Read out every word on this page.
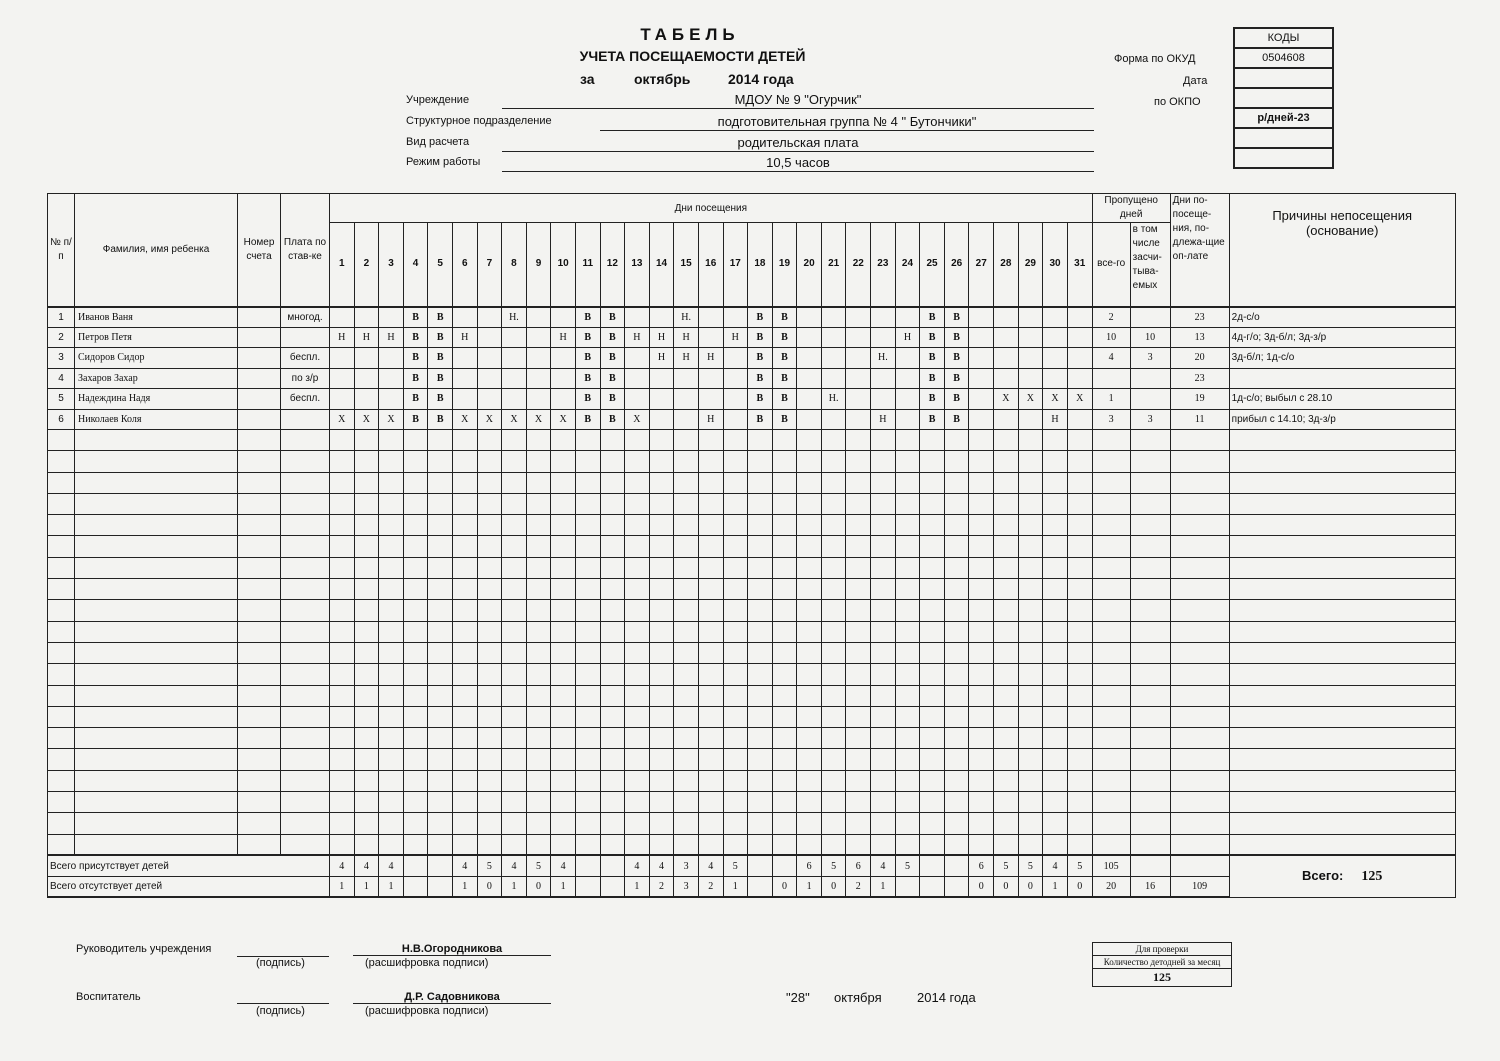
ТАБЕЛЬ
УЧЕТА ПОСЕЩАЕМОСТИ ДЕТЕЙ
за	октябрь	2014 года
Учреждение	МДОУ № 9 "Огурчик"
Структурное подразделение	подготовительная группа № 4 " Бутончики"
Вид расчета	родительская плата
Режим работы	10,5 часов
Форма по ОКУД
Дата
по ОКПО
КОДЫ
0504608

р/дней-23

№ п/п	Фамилия, имя ребенка	Номер счета	Плата по став-ке	Дни посещения																															Пропущено дней		Дни по-посеще-ния, по-длежа-щие оп-лате	Причины непосещения (основание)
				1	2	3	4	5	6	7	8	9	10	11	12	13	14	15	16	17	18	19	20	21	22	23	24	25	26	27	28	29	30	31	все-го	в том числе засчи-тыва-емых		

1	Иванов Ваня		многод.				В	В			Н.			В	В			Н.			В	В						В	В						2		23	2д-с/о
2	Петров Петя			Н	Н	Н	В	В	Н				Н	В	В	Н	Н	Н		Н	В	В					Н	В	В						10	10	13	4д-г/о; 3д-б/л; 3д-з/р
3	Сидоров Сидор		беспл.				В	В						В	В		Н	Н	Н		В	В				Н.		В	В						4	3	20	3д-б/л; 1д-с/о
4	Захаров Захар		по з/р				В	В						В	В						В	В						В	В								23	
5	Надеждина Надя		беспл.				В	В						В	В						В	В		Н.				В	В		Х	Х	Х	Х	1		19	1д-с/о; выбыл с 28.10
6	Николаев Коля			Х	Х	Х	В	В	Х	Х	Х	Х	Х	В	В	Х			Н		В	В				Н		В	В				Н		3	3	11	прибыл с 14.10; 3д-з/р

Всего присутствует детей				4	4	4			4	5	4	5	4			4	4	3	4	5			6	5	6	4	5			6	5	5	4	5	105			Всего: 125
Всего отсутствует детей				1	1	1			1	0	1	0	1			1	2	3	2	1		0	1	0	2	1				0	0	0	1	0	20	16	109	
Руководитель учреждения
(подпись)
Н.В.Огородникова
(расшифровка подписи)
Воспитатель
(подпись)
Д.Р. Садовникова
(расшифровка подписи)
"28" октября	2014 года
Для проверки
Количество детодней за месяц
125
